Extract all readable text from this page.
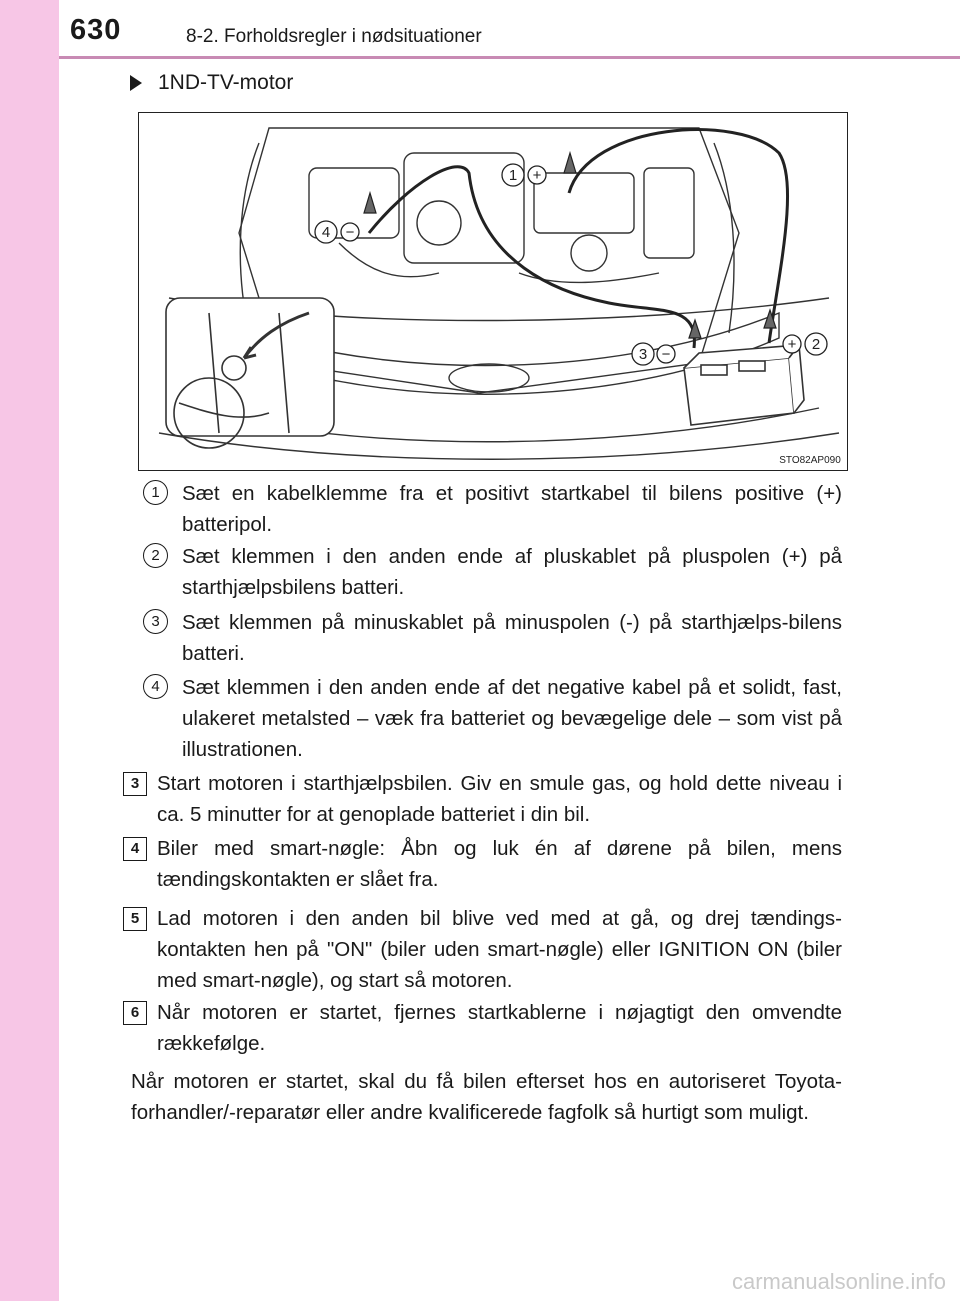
630	8-2. Forholdsregler i nødsituationer
1ND-TV-motor
1 +
2
+
3 −
4 −
STO82AP090
1	Sæt en kabelklemme fra et positivt startkabel til bilens positive (+) batteripol.
2	Sæt klemmen i den anden ende af pluskablet på pluspolen (+) på starthjælpsbilens batteri.
3	Sæt klemmen på minuskablet på minuspolen (-) på starthjælps-bilens batteri.
4	Sæt klemmen i den anden ende af det negative kabel på et solidt, fast, ulakeret metalsted – væk fra batteriet og bevægelige dele – som vist på illustrationen.
3 Start motoren i starthjælpsbilen. Giv en smule gas, og hold dette niveau i ca. 5 minutter for at genoplade batteriet i din bil.
4 Biler med smart-nøgle: Åbn og luk én af dørene på bilen, mens tændingskontakten er slået fra.
5 Lad motoren i den anden bil blive ved med at gå, og drej tændings-kontakten hen på "ON" (biler uden smart-nøgle) eller IGNITION ON (biler med smart-nøgle), og start så motoren.
6 Når motoren er startet, fjernes startkablerne i nøjagtigt den omvendte rækkefølge.
Når motoren er startet, skal du få bilen efterset hos en autoriseret Toyota-forhandler/-reparatør eller andre kvalificerede fagfolk så hurtigt som muligt.
carmanualsonline.info
